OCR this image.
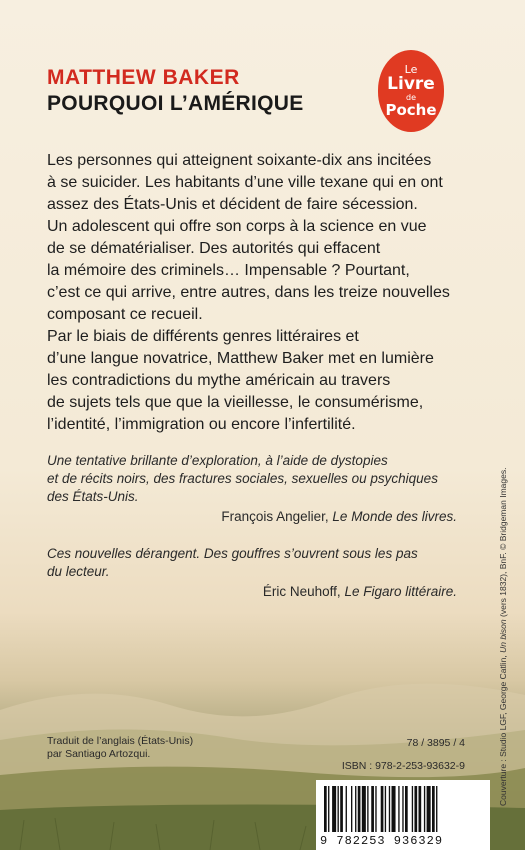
MATTHEW BAKER
POURQUOI L’AMÉRIQUE
Le
Livre
de
Poche
Les personnes qui atteignent soixante-dix ans incitées
à se suicider. Les habitants d’une ville texane qui en ont
assez des États-Unis et décident de faire sécession.
Un adolescent qui offre son corps à la science en vue
de se dématérialiser. Des autorités qui effacent
la mémoire des criminels… Impensable ? Pourtant,
c’est ce qui arrive, entre autres, dans les treize nouvelles
composant ce recueil.
Par le biais de différents genres littéraires et
d’une langue novatrice, Matthew Baker met en lumière
les contradictions du mythe américain au travers
de sujets tels que que la vieillesse, le consumérisme,
l’identité, l’immigration ou encore l’infertilité.
Une tentative brillante d’exploration, à l’aide de dystopies
et de récits noirs, des fractures sociales, sexuelles ou psychiques
des États-Unis.
François Angelier, Le Monde des livres.
Ces nouvelles dérangent. Des gouffres s’ouvrent sous les pas
du lecteur.
Éric Neuhoff, Le Figaro littéraire.
Traduit de l’anglais (États-Unis)
par Santiago Artozqui.
78 / 3895 / 4
ISBN : 978-2-253-93632-9
9 782253 936329
Couverture : Studio LGF, George Catlin, Un bison (vers 1832), BnF. © Bridgeman Images.
